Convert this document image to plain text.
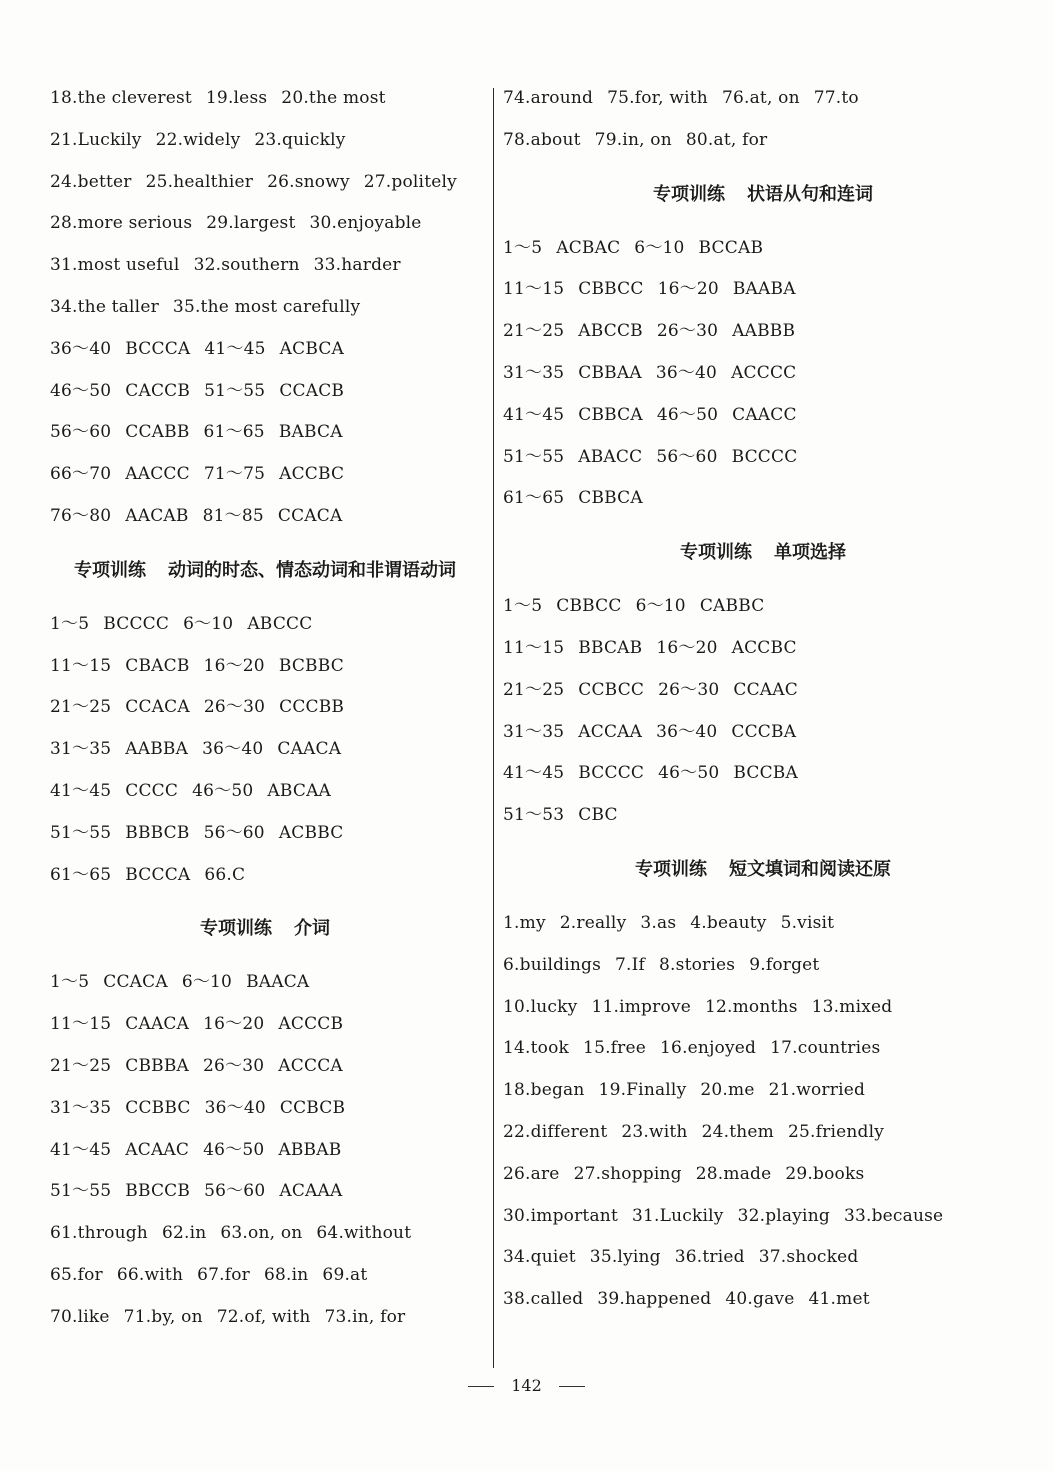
18.the cleverest 19.less 20.the most
21.Luckily 22.widely 23.quickly
24.better 25.healthier 26.snowy 27.politely
28.more serious 29.largest 30.enjoyable
31.most useful 32.southern 33.harder
34.the taller 35.the most carefully
36～40 BCCCA 41～45 ACBCA
46～50 CACCB 51～55 CCACB
56～60 CCABB 61～65 BABCA
66～70 AACCC 71～75 ACCBC
76～80 AACAB 81～85 CCACA
专项训练 动词的时态、情态动词和非谓语动词
1～5 BCCCC 6～10 ABCCC
11～15 CBACB 16～20 BCBBC
21～25 CCACA 26～30 CCCBB
31～35 AABBA 36～40 CAACA
41～45 CCCC 46～50 ABCAA
51～55 BBBCB 56～60 ACBBC
61～65 BCCCA 66.C
专项训练 介词
1～5 CCACA 6～10 BAACA
11～15 CAACA 16～20 ACCCB
21～25 CBBBA 26～30 ACCCA
31～35 CCBBC 36～40 CCBCB
41～45 ACAAC 46～50 ABBAB
51～55 BBCCB 56～60 ACAAA
61.through 62.in 63.on, on 64.without
65.for 66.with 67.for 68.in 69.at
70.like 71.by, on 72.of, with 73.in, for
74.around 75.for, with 76.at, on 77.to
78.about 79.in, on 80.at, for
专项训练 状语从句和连词
1～5 ACBAC 6～10 BCCAB
11～15 CBBCC 16～20 BAABA
21～25 ABCCB 26～30 AABBB
31～35 CBBAA 36～40 ACCCC
41～45 CBBCA 46～50 CAACC
51～55 ABACC 56～60 BCCCC
61～65 CBBCA
专项训练 单项选择
1～5 CBBCC 6～10 CABBC
11～15 BBCAB 16～20 ACCBC
21～25 CCBCC 26～30 CCAAC
31～35 ACCAA 36～40 CCCBA
41～45 BCCCC 46～50 BCCBA
51～53 CBC
专项训练 短文填词和阅读还原
1.my 2.really 3.as 4.beauty 5.visit
6.buildings 7.If 8.stories 9.forget
10.lucky 11.improve 12.months 13.mixed
14.took 15.free 16.enjoyed 17.countries
18.began 19.Finally 20.me 21.worried
22.different 23.with 24.them 25.friendly
26.are 27.shopping 28.made 29.books
30.important 31.Luckily 32.playing 33.because
34.quiet 35.lying 36.tried 37.shocked
38.called 39.happened 40.gave 41.met
142
